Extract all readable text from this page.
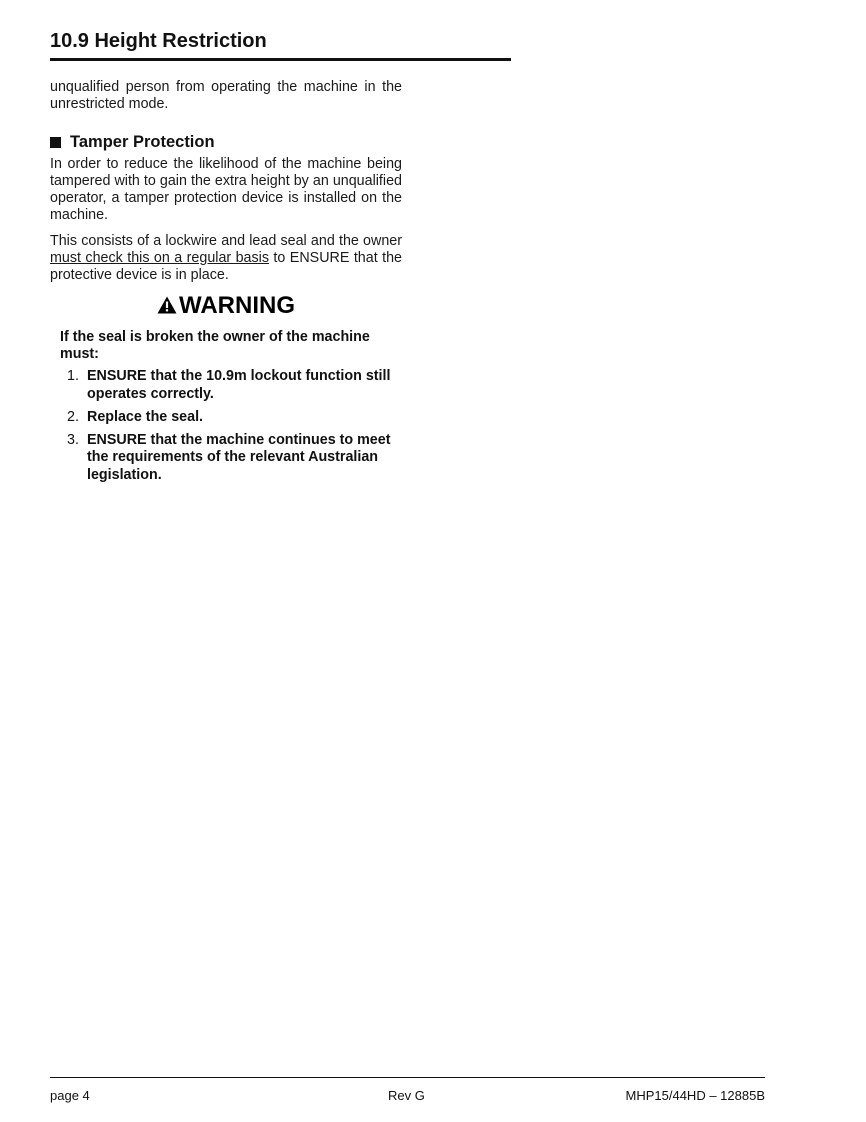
10.9 Height Restriction

unqualified person from operating the machine in the unrestricted mode.

Tamper Protection

In order to reduce the likelihood of the machine being tampered with to gain the extra height by an unqualified operator, a tamper protection device is installed on the machine.

This consists of a lockwire and lead seal and the owner must check this on a regular basis to ENSURE that the protective device is in place.

WARNING

If the seal is broken the owner of the machine must:

1. ENSURE that the 10.9m lockout function still operates correctly.
2. Replace the seal.
3. ENSURE that the machine continues to meet the requirements of the relevant Australian legislation.
page 4	Rev G	MHP15/44HD – 12885B
